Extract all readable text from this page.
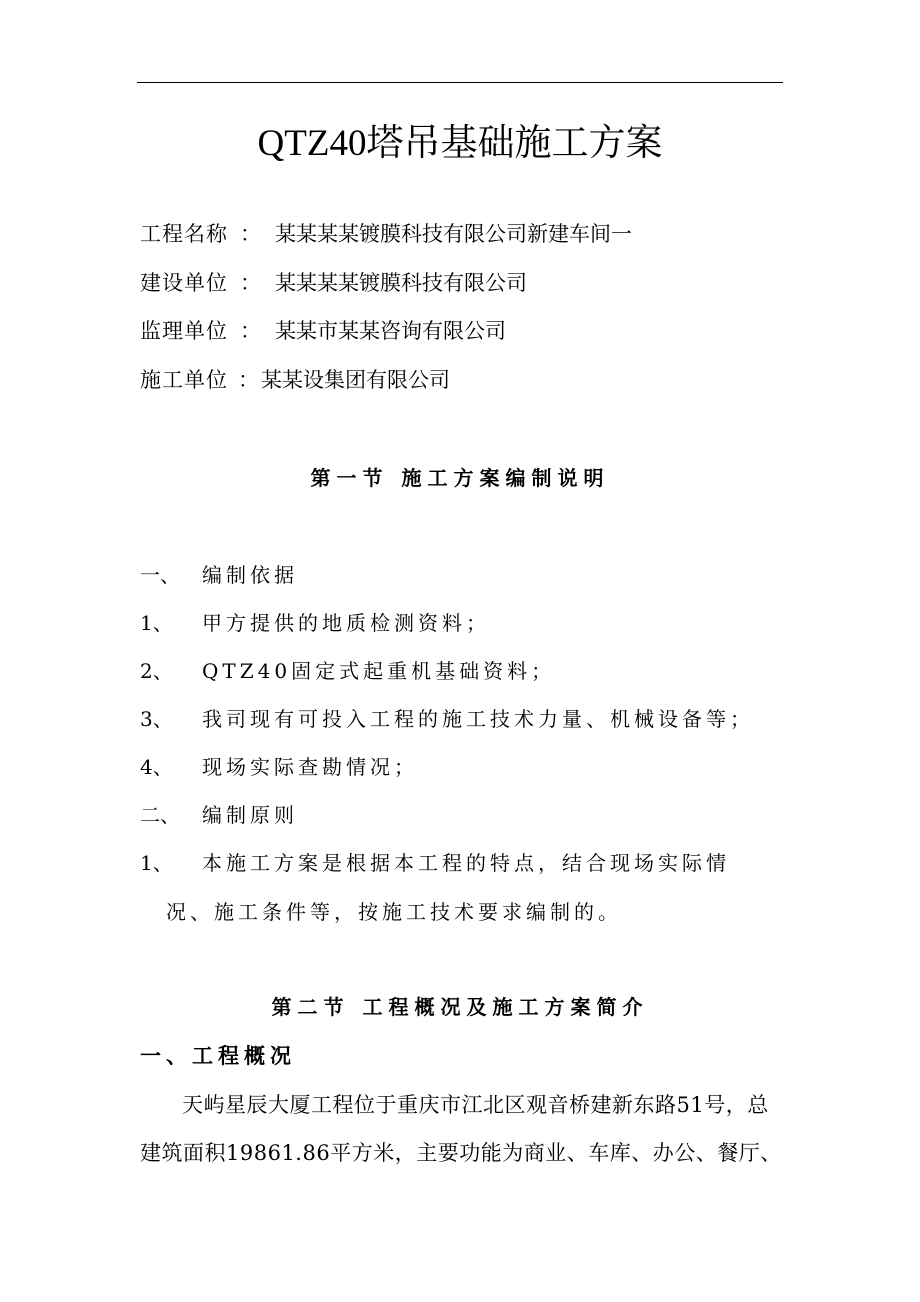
QTZ40塔吊基础施工方案
工程名称 ： 某某某某镀膜科技有限公司新建车间一
建设单位 ： 某某某某镀膜科技有限公司
监理单位 ： 某某市某某咨询有限公司
施工单位 ：某某设集团有限公司
第一节 施工方案编制说明
一、 编制依据
1、 甲方提供的地质检测资料；
2、 QTZ40固定式起重机基础资料；
3、 我司现有可投入工程的施工技术力量、机械设备等；
4、 现场实际查勘情况；
二、 编制原则
1、 本施工方案是根据本工程的特点，结合现场实际情
况、施工条件等，按施工技术要求编制的。
第二节 工程概况及施工方案简介
一、工程概况
天屿星辰大厦工程位于重庆市江北区观音桥建新东路51号，总
建筑面积19861.86平方米，主要功能为商业、车库、办公、餐厅、
